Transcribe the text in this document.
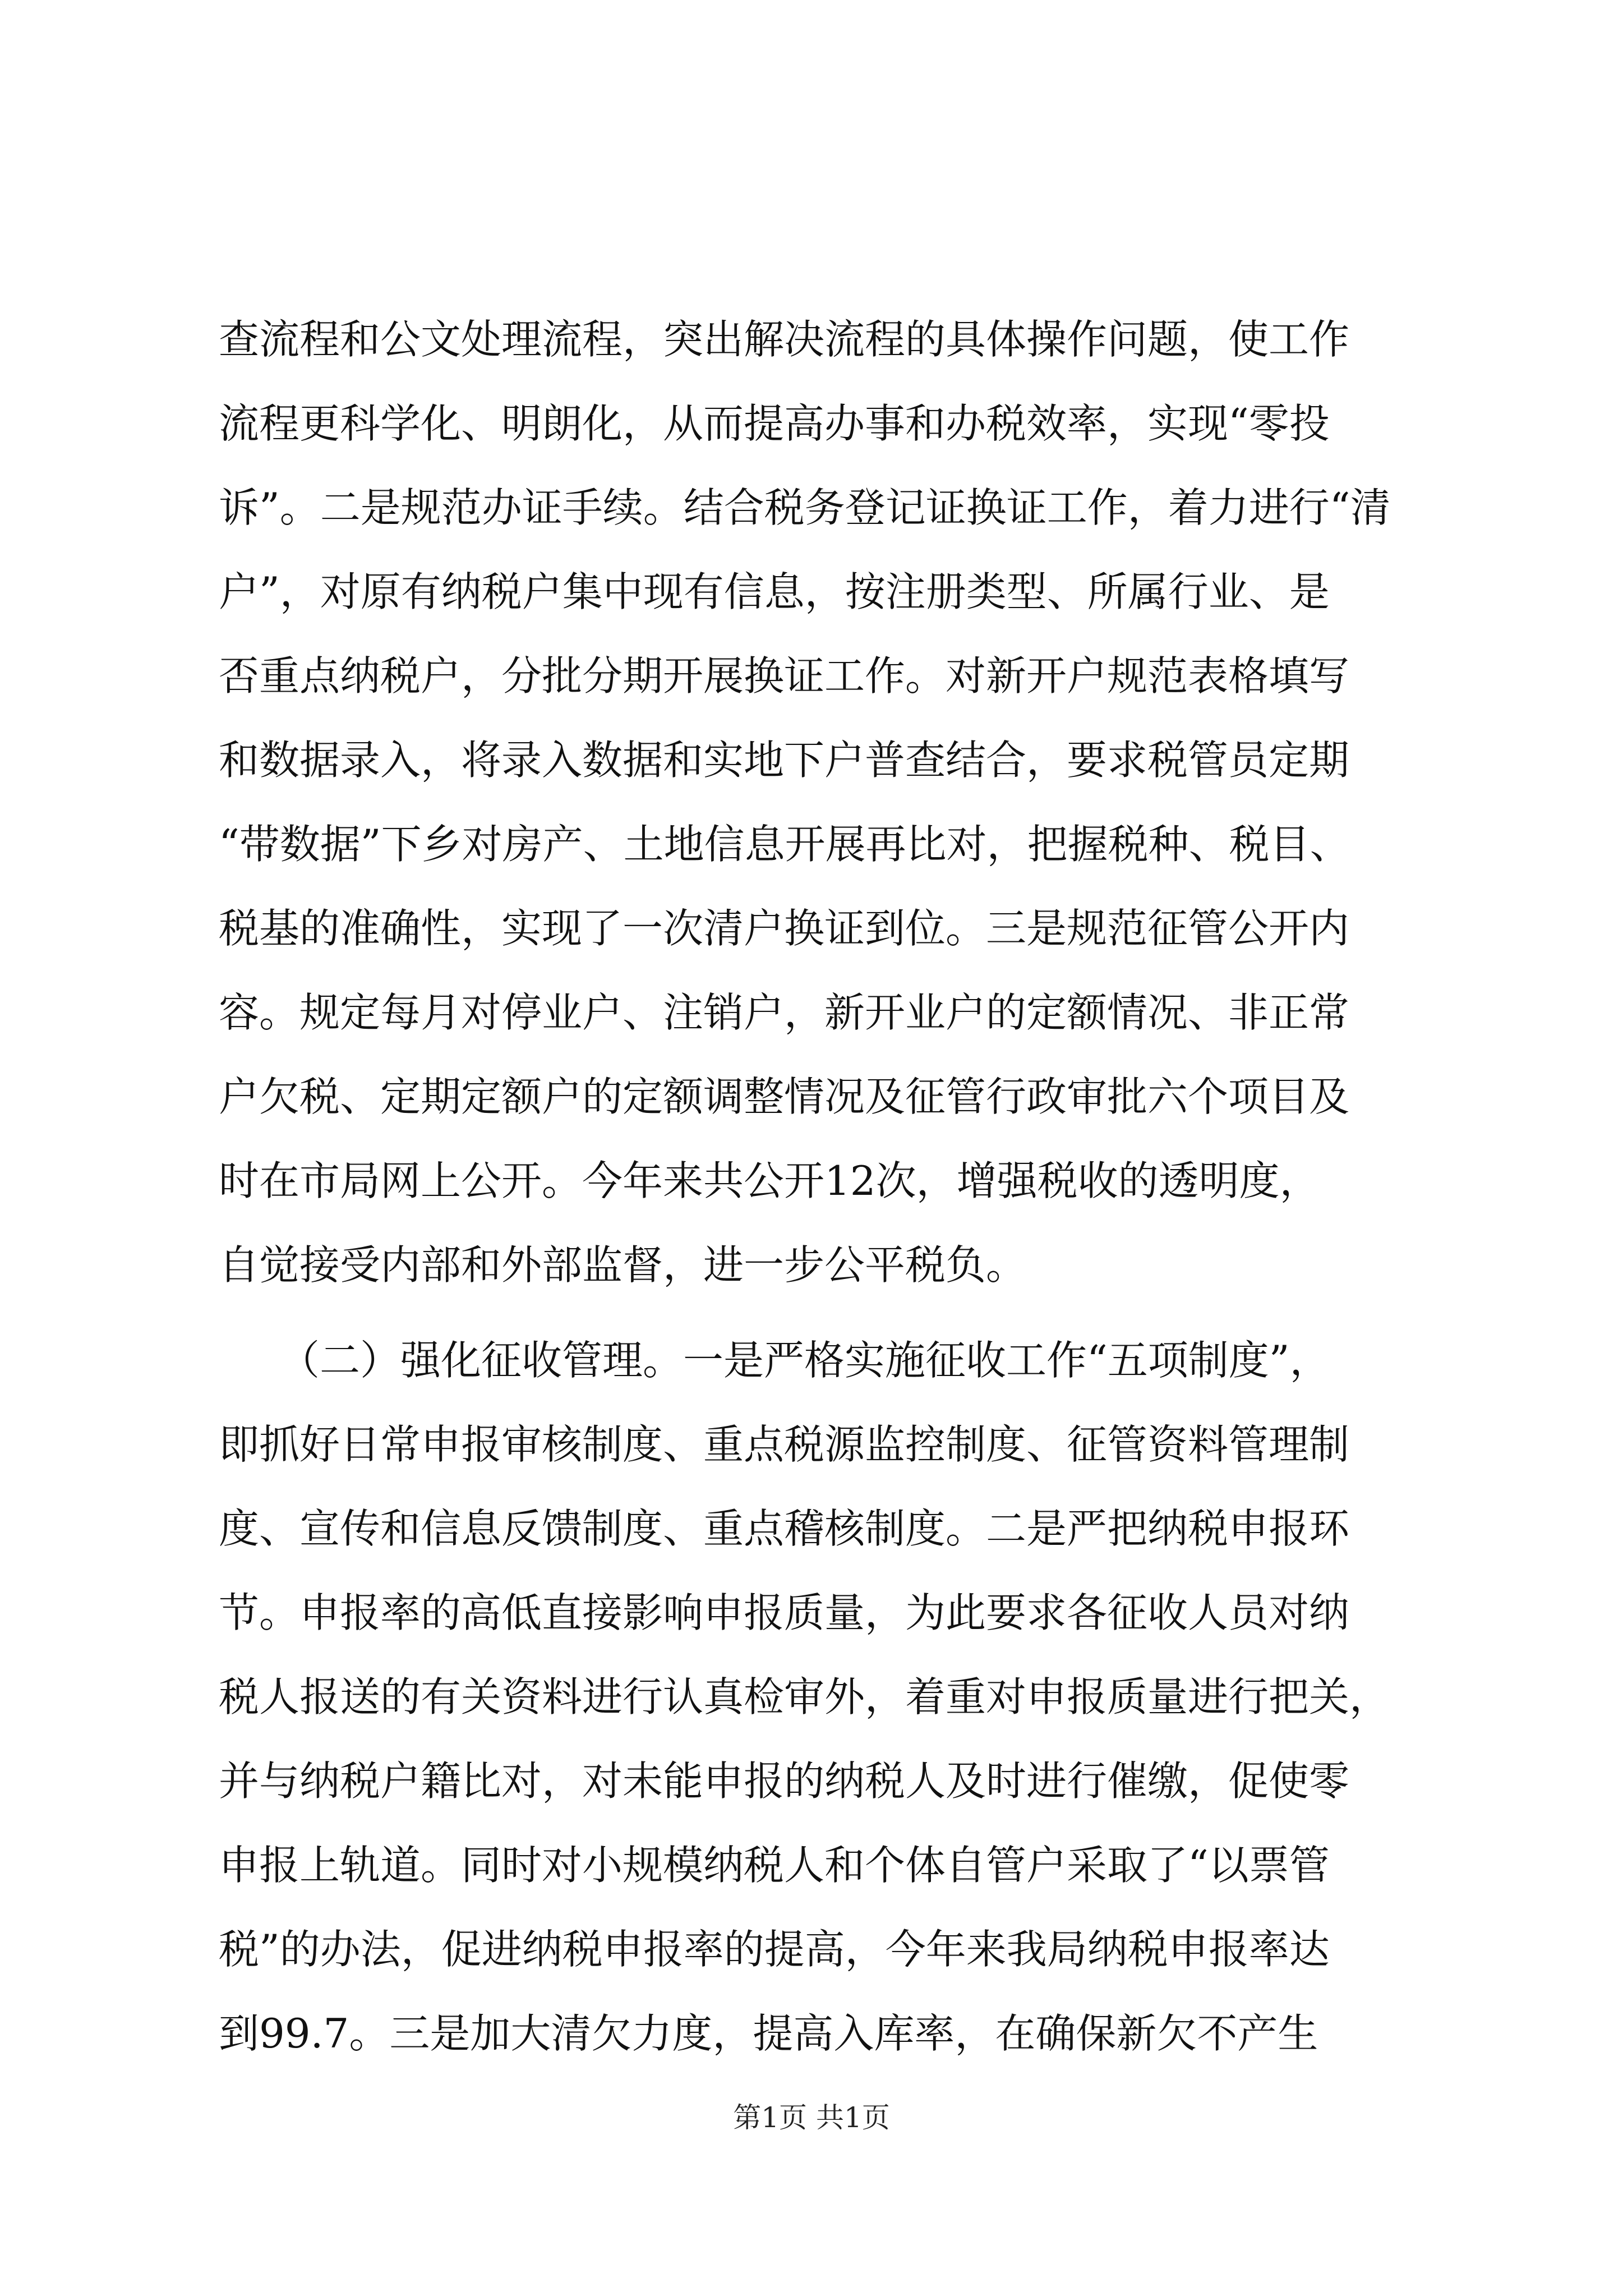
查流程和公文处理流程，突出解决流程的具体操作问题，使工作
流程更科学化、明朗化，从而提高办事和办税效率，实现“零投
诉”。二是规范办证手续。结合税务登记证换证工作，着力进行“清
户”，对原有纳税户集中现有信息，按注册类型、所属行业、是
否重点纳税户，分批分期开展换证工作。对新开户规范表格填写
和数据录入，将录入数据和实地下户普查结合，要求税管员定期
“带数据”下乡对房产、土地信息开展再比对，把握税种、税目、
税基的准确性，实现了一次清户换证到位。三是规范征管公开内
容。规定每月对停业户、注销户，新开业户的定额情况、非正常
户欠税、定期定额户的定额调整情况及征管行政审批六个项目及
时在市局网上公开。今年来共公开12次，增强税收的透明度，
自觉接受内部和外部监督，进一步公平税负。
　　（二）强化征收管理。一是严格实施征收工作“五项制度”，
即抓好日常申报审核制度、重点税源监控制度、征管资料管理制
度、宣传和信息反馈制度、重点稽核制度。二是严把纳税申报环
节。申报率的高低直接影响申报质量，为此要求各征收人员对纳
税人报送的有关资料进行认真检审外，着重对申报质量进行把关，
并与纳税户籍比对，对未能申报的纳税人及时进行催缴，促使零
申报上轨道。同时对小规模纳税人和个体自管户采取了“以票管
税”的办法，促进纳税申报率的提高，今年来我局纳税申报率达
到99.7。三是加大清欠力度，提高入库率，在确保新欠不产生
第1页 共1页
